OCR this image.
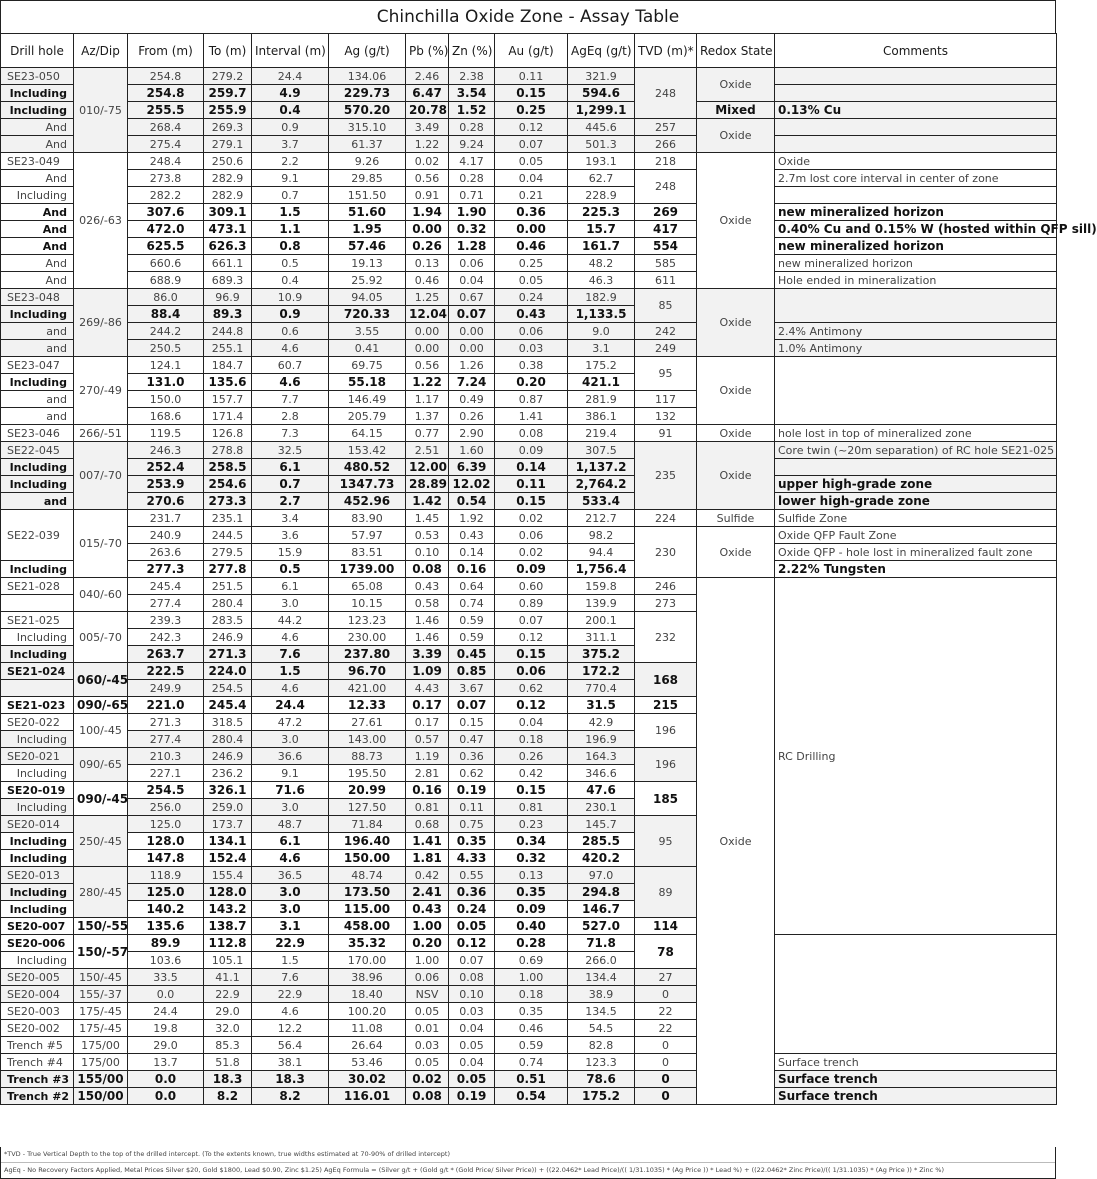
Chinchilla Oxide Zone - Assay Table
Drill hole	Az/Dip	From (m)	To (m)	Interval (m)	Ag (g/t)	Pb (%)	Zn (%)	Au (g/t)	AgEq (g/t)	TVD (m)*	Redox State	Comments
SE23-050	010/-75	254.8	279.2	24.4	134.06	2.46	2.38	0.11	321.9	248	Oxide	
Including		254.8	259.7	4.9	229.73	6.47	3.54	0.15	594.6			
Including		255.5	255.9	0.4	570.20	20.78	1.52	0.25	1,299.1		Mixed	0.13% Cu
And		268.4	269.3	0.9	315.10	3.49	0.28	0.12	445.6	257	Oxide	
And		275.4	279.1	3.7	61.37	1.22	9.24	0.07	501.3	266		
SE23-049	026/-63	248.4	250.6	2.2	9.26	0.02	4.17	0.05	193.1	218	Oxide	Oxide
And		273.8	282.9	9.1	29.85	0.56	0.28	0.04	62.7	248		2.7m lost core interval in center of zone
Including		282.2	282.9	0.7	151.50	0.91	0.71	0.21	228.9			
And		307.6	309.1	1.5	51.60	1.94	1.90	0.36	225.3	269		new mineralized horizon
And		472.0	473.1	1.1	1.95	0.00	0.32	0.00	15.7	417		0.40% Cu and 0.15% W (hosted within QFP sill)
And		625.5	626.3	0.8	57.46	0.26	1.28	0.46	161.7	554		new mineralized horizon
And		660.6	661.1	0.5	19.13	0.13	0.06	0.25	48.2	585		new mineralized horizon
And		688.9	689.3	0.4	25.92	0.46	0.04	0.05	46.3	611		Hole ended in mineralization
SE23-048	269/-86	86.0	96.9	10.9	94.05	1.25	0.67	0.24	182.9	85	Oxide	
Including		88.4	89.3	0.9	720.33	12.04	0.07	0.43	1,133.5			
and		244.2	244.8	0.6	3.55	0.00	0.00	0.06	9.0	242		2.4% Antimony
and		250.5	255.1	4.6	0.41	0.00	0.00	0.03	3.1	249		1.0% Antimony
SE23-047	270/-49	124.1	184.7	60.7	69.75	0.56	1.26	0.38	175.2	95	Oxide	
Including		131.0	135.6	4.6	55.18	1.22	7.24	0.20	421.1			
and		150.0	157.7	7.7	146.49	1.17	0.49	0.87	281.9	117		
and		168.6	171.4	2.8	205.79	1.37	0.26	1.41	386.1	132		
SE23-046	266/-51	119.5	126.8	7.3	64.15	0.77	2.90	0.08	219.4	91	Oxide	hole lost in top of mineralized zone
SE22-045	007/-70	246.3	278.8	32.5	153.42	2.51	1.60	0.09	307.5	235	Oxide	Core twin (~20m separation) of RC hole SE21-025
Including		252.4	258.5	6.1	480.52	12.00	6.39	0.14	1,137.2			
Including		253.9	254.6	0.7	1347.73	28.89	12.02	0.11	2,764.2			upper high-grade zone
and		270.6	273.3	2.7	452.96	1.42	0.54	0.15	533.4			lower high-grade zone
SE22-039	015/-70	231.7	235.1	3.4	83.90	1.45	1.92	0.02	212.7	224	Sulfide	Sulfide Zone
		240.9	244.5	3.6	57.97	0.53	0.43	0.06	98.2	230	Oxide	Oxide QFP Fault Zone
		263.6	279.5	15.9	83.51	0.10	0.14	0.02	94.4			Oxide QFP - hole lost in mineralized fault zone
Including		277.3	277.8	0.5	1739.00	0.08	0.16	0.09	1,756.4			2.22% Tungsten
SE21-028	040/-60	245.4	251.5	6.1	65.08	0.43	0.64	0.60	159.8	246	Oxide	RC Drilling
		277.4	280.4	3.0	10.15	0.58	0.74	0.89	139.9	273		
SE21-025	005/-70	239.3	283.5	44.2	123.23	1.46	0.59	0.07	200.1	232		
Including		242.3	246.9	4.6	230.00	1.46	0.59	0.12	311.1			
Including		263.7	271.3	7.6	237.80	3.39	0.45	0.15	375.2			
SE21-024	060/-45	222.5	224.0	1.5	96.70	1.09	0.85	0.06	172.2	168		
		249.9	254.5	4.6	421.00	4.43	3.67	0.62	770.4			
SE21-023	090/-65	221.0	245.4	24.4	12.33	0.17	0.07	0.12	31.5	215		
SE20-022	100/-45	271.3	318.5	47.2	27.61	0.17	0.15	0.04	42.9	196		
Including		277.4	280.4	3.0	143.00	0.57	0.47	0.18	196.9			
SE20-021	090/-65	210.3	246.9	36.6	88.73	1.19	0.36	0.26	164.3	196		
Including		227.1	236.2	9.1	195.50	2.81	0.62	0.42	346.6			
SE20-019	090/-45	254.5	326.1	71.6	20.99	0.16	0.19	0.15	47.6	185		
Including		256.0	259.0	3.0	127.50	0.81	0.11	0.81	230.1			
SE20-014	250/-45	125.0	173.7	48.7	71.84	0.68	0.75	0.23	145.7	95		
Including		128.0	134.1	6.1	196.40	1.41	0.35	0.34	285.5			
Including		147.8	152.4	4.6	150.00	1.81	4.33	0.32	420.2			
SE20-013	280/-45	118.9	155.4	36.5	48.74	0.42	0.55	0.13	97.0	89		
Including		125.0	128.0	3.0	173.50	2.41	0.36	0.35	294.8			
Including		140.2	143.2	3.0	115.00	0.43	0.24	0.09	146.7			
SE20-007	150/-55	135.6	138.7	3.1	458.00	1.00	0.05	0.40	527.0	114		
SE20-006	150/-57	89.9	112.8	22.9	35.32	0.20	0.12	0.28	71.8	78		
Including		103.6	105.1	1.5	170.00	1.00	0.07	0.69	266.0			
SE20-005	150/-45	33.5	41.1	7.6	38.96	0.06	0.08	1.00	134.4	27		
SE20-004	155/-37	0.0	22.9	22.9	18.40	NSV	0.10	0.18	38.9	0		
SE20-003	175/-45	24.4	29.0	4.6	100.20	0.05	0.03	0.35	134.5	22		
SE20-002	175/-45	19.8	32.0	12.2	11.08	0.01	0.04	0.46	54.5	22		
Trench #5	175/00	29.0	85.3	56.4	26.64	0.03	0.05	0.59	82.8	0		
Trench #4	175/00	13.7	51.8	38.1	53.46	0.05	0.04	0.74	123.3	0		Surface trench
Trench #3	155/00	0.0	18.3	18.3	30.02	0.02	0.05	0.51	78.6	0		Surface trench
Trench #2	150/00	0.0	8.2	8.2	116.01	0.08	0.19	0.54	175.2	0		Surface trench
*TVD - True Vertical Depth to the top of the drilled intercept. (To the extents known, true widths estimated at 70-90% of drilled intercept)
AgEq - No Recovery Factors Applied, Metal Prices Silver $20, Gold $1800, Lead $0.90, Zinc $1.25) AgEq Formula = (Silver g/t + (Gold g/t * (Gold Price/ Silver Price)) + ((22.0462* Lead Price)/(( 1/31.1035) * (Ag Price )) * Lead %) + ((22.0462* Zinc Price)/(( 1/31.1035) * (Ag Price )) * Zinc %)
